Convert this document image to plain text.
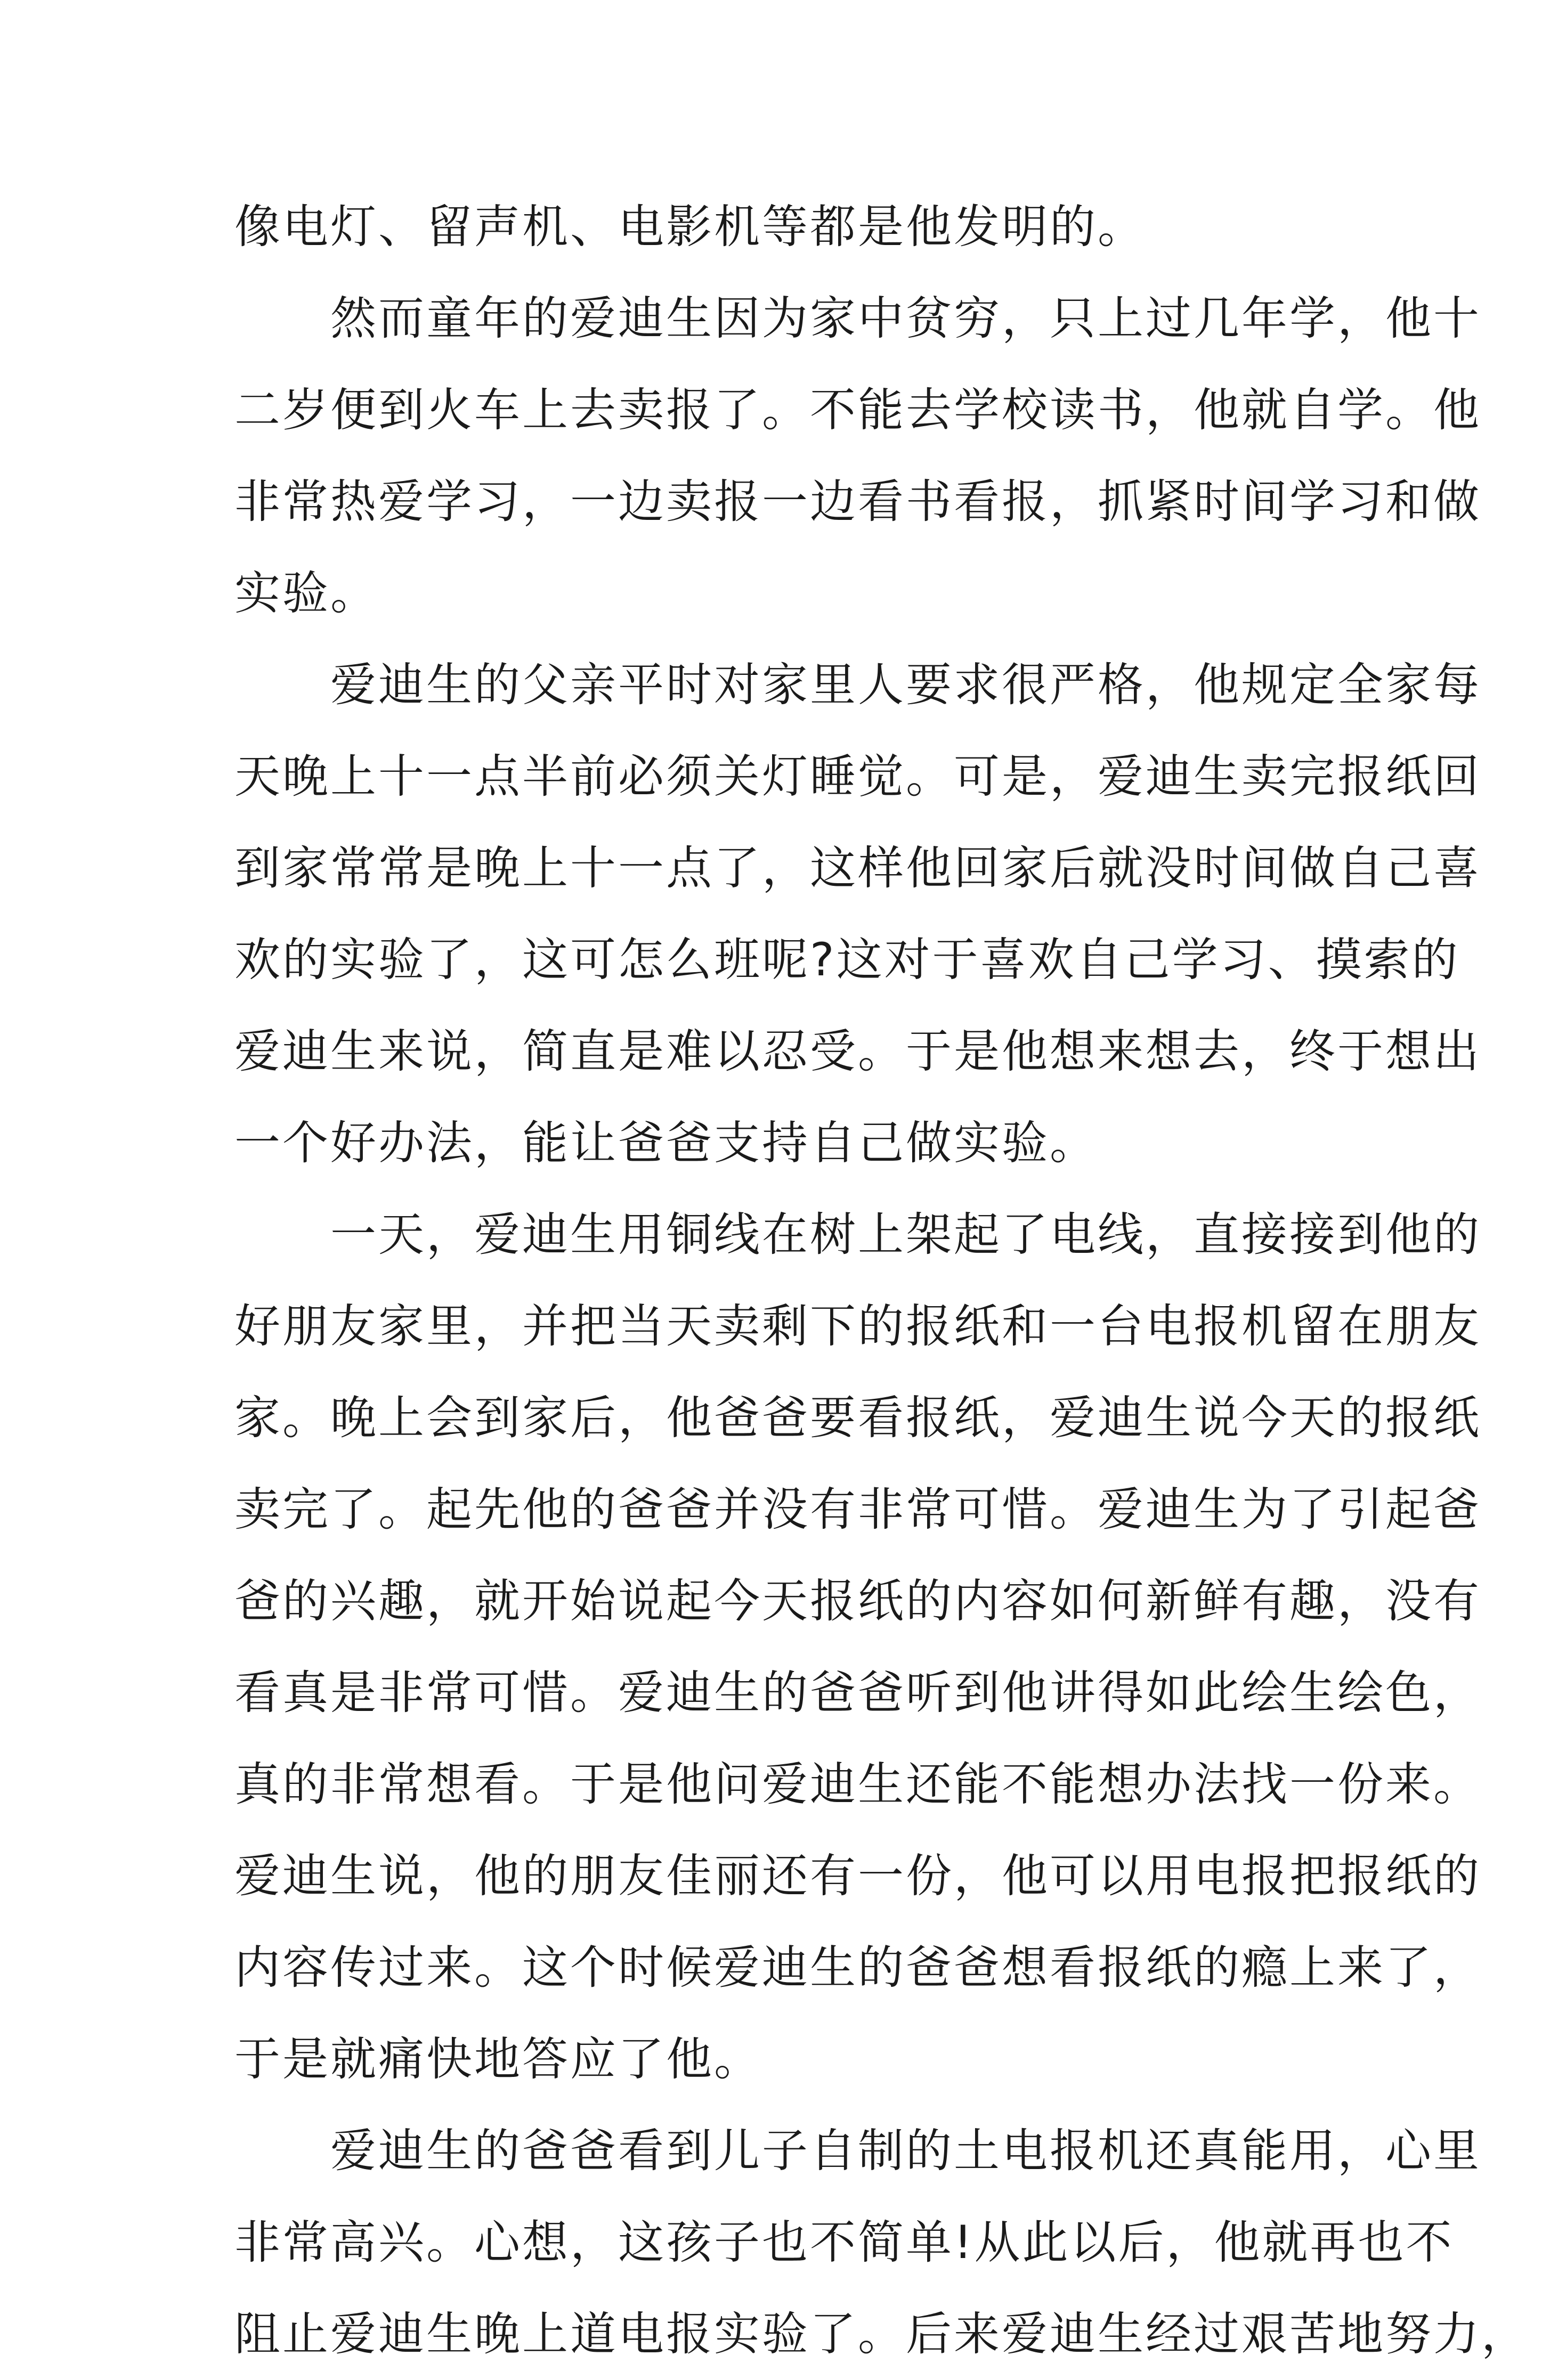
像电灯、留声机、电影机等都是他发明的。
然而童年的爱迪生因为家中贫穷，只上过几年学，他十
二岁便到火车上去卖报了。不能去学校读书，他就自学。他
非常热爱学习，一边卖报一边看书看报，抓紧时间学习和做
实验。
爱迪生的父亲平时对家里人要求很严格，他规定全家每
天晚上十一点半前必须关灯睡觉。可是，爱迪生卖完报纸回
到家常常是晚上十一点了，这样他回家后就没时间做自己喜
欢的实验了，这可怎么班呢?这对于喜欢自己学习、摸索的
爱迪生来说，简直是难以忍受。于是他想来想去，终于想出
一个好办法，能让爸爸支持自己做实验。
一天，爱迪生用铜线在树上架起了电线，直接接到他的
好朋友家里，并把当天卖剩下的报纸和一台电报机留在朋友
家。晚上会到家后，他爸爸要看报纸，爱迪生说今天的报纸
卖完了。起先他的爸爸并没有非常可惜。爱迪生为了引起爸
爸的兴趣，就开始说起今天报纸的内容如何新鲜有趣，没有
看真是非常可惜。爱迪生的爸爸听到他讲得如此绘生绘色，
真的非常想看。于是他问爱迪生还能不能想办法找一份来。
爱迪生说，他的朋友佳丽还有一份，他可以用电报把报纸的
内容传过来。这个时候爱迪生的爸爸想看报纸的瘾上来了，
于是就痛快地答应了他。
爱迪生的爸爸看到儿子自制的土电报机还真能用，心里
非常高兴。心想，这孩子也不简单!从此以后，他就再也不
阻止爱迪生晚上道电报实验了。后来爱迪生经过艰苦地努力，
